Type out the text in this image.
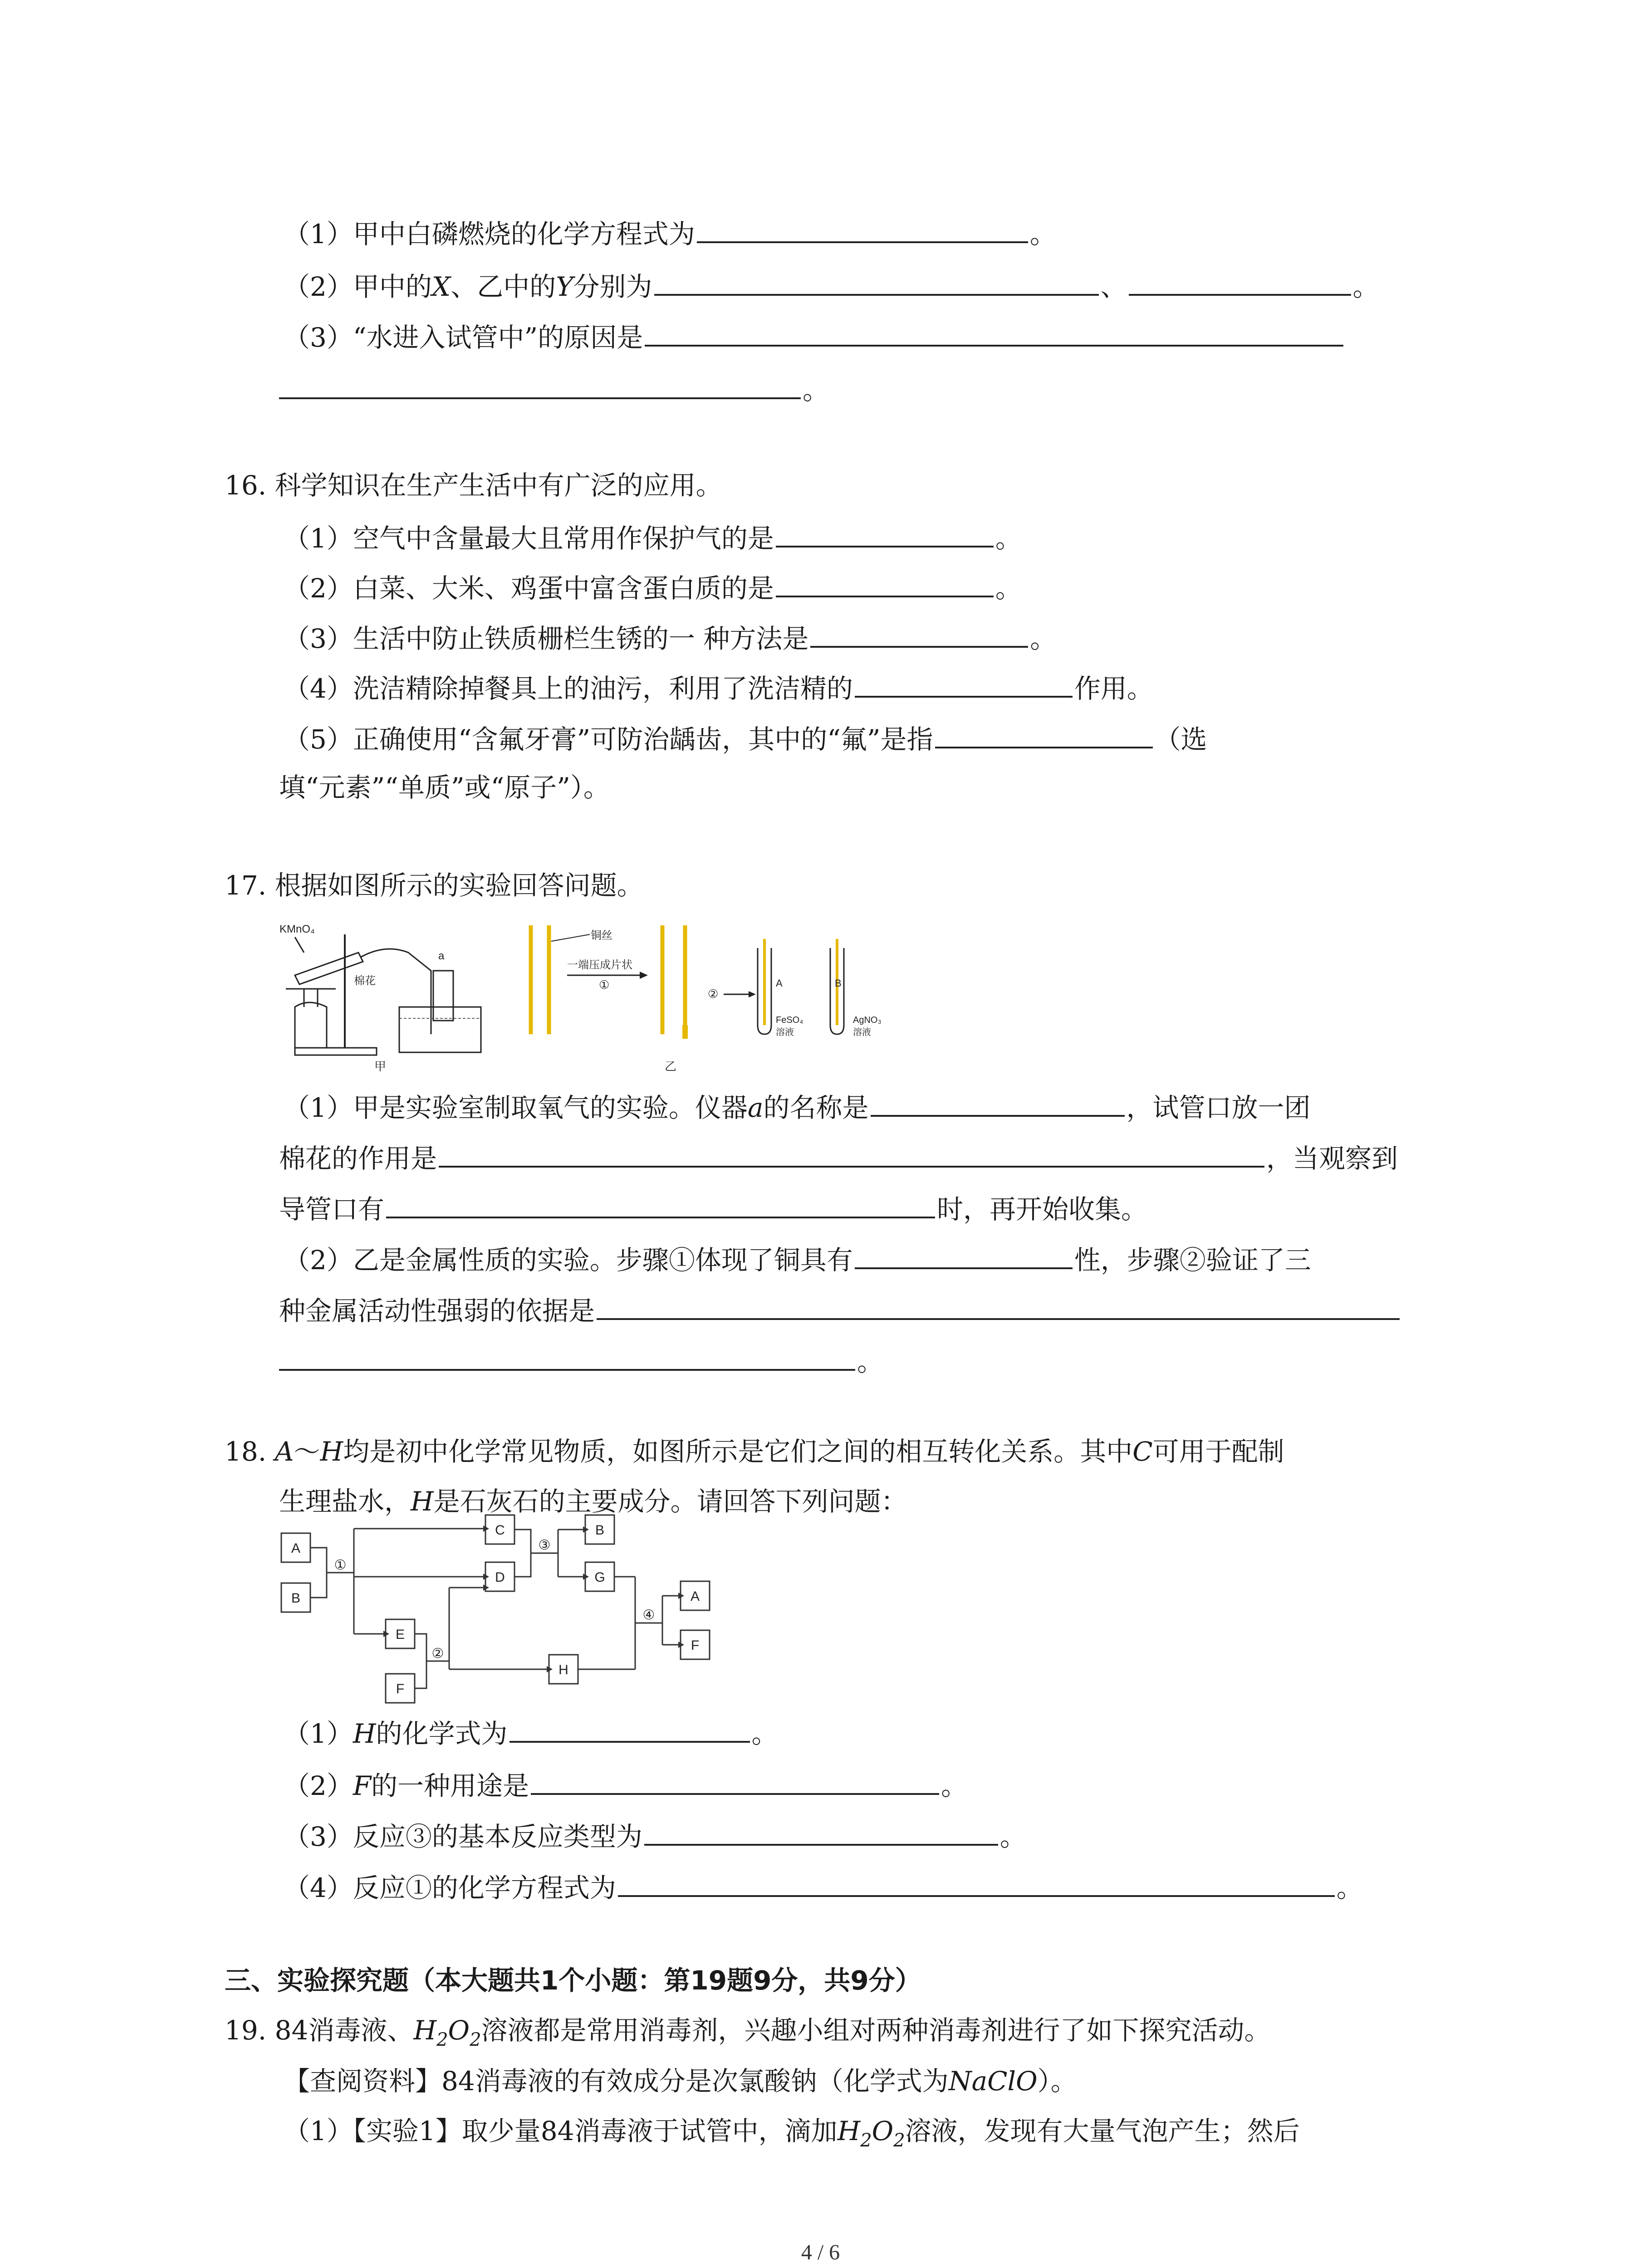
（1）甲中白磷燃烧的化学方程式为	。
（2）甲中的X、乙中的Y分别为	、	。
（3）“水进入试管中”的原因是
。
16. 科学知识在生产生活中有广泛的应用。
（1）空气中含量最大且常用作保护气的是	。
（2）白菜、大米、鸡蛋中富含蛋白质的是	。
（3）生活中防止铁质栅栏生锈的一 种方法是	。
（4）洗洁精除掉餐具上的油污，利用了洗洁精的	作用。
（5）正确使用“含氟牙膏”可防治龋齿，其中的“氟”是指	（选
填“元素”“单质”或“原子”）。
17. 根据如图所示的实验回答问题。
KMnO₄
棉花
a
甲
铜丝
一端压成片状
①
②
A
FeSO₄
溶液
B
AgNO₃
溶液
乙
（1）甲是实验室制取氧气的实验。仪器a的名称是	，试管口放一团
棉花的作用是	，当观察到
导管口有	时，再开始收集。
（2）乙是金属性质的实验。步骤①体现了铜具有	性，步骤②验证了三
种金属活动性强弱的依据是
。
18. A～H均是初中化学常见物质，如图所示是它们之间的相互转化关系。其中C可用于配制
生理盐水，H是石灰石的主要成分。请回答下列问题：
A
B
C
D
B
G
E
F
H
A
F
①
③
②
④
（1）H的化学式为	。
（2）F的一种用途是	。
（3）反应③的基本反应类型为	。
（4）反应①的化学方程式为	。
三、实验探究题（本大题共1个小题：第19题9分，共9分）
19. 84消毒液、$H_2O_2$溶液都是常用消毒剂，兴趣小组对两种消毒剂进行了如下探究活动。
【查阅资料】84消毒液的有效成分是次氯酸钠（化学式为NaClO）。
（1）【实验1】取少量84消毒液于试管中，滴加$H_2O_2$溶液，发现有大量气泡产生；然后
4 / 6
